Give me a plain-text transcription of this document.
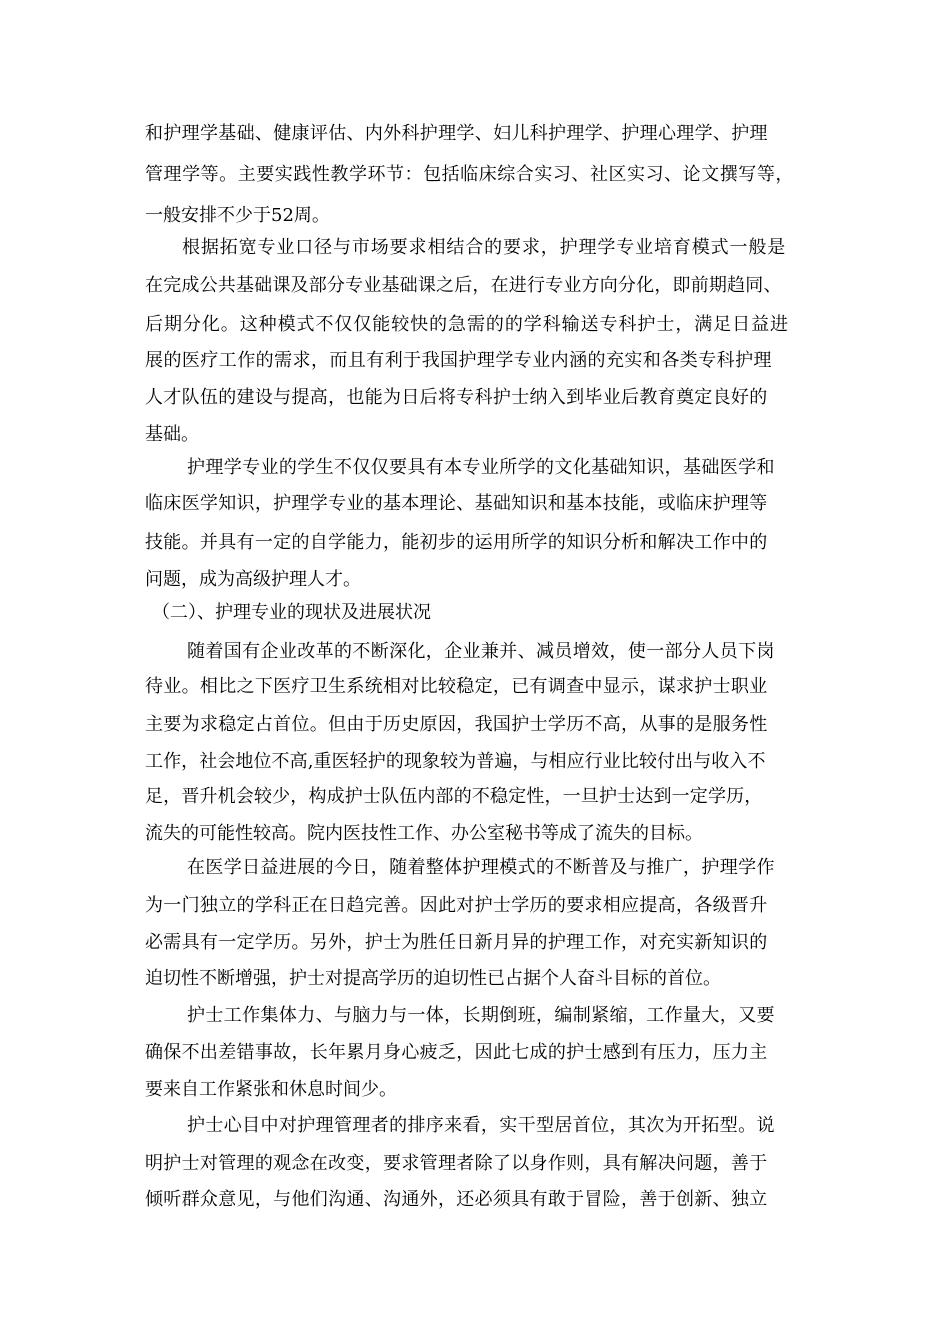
和护理学基础、健康评估、内外科护理学、妇儿科护理学、护理心理学、护理
管理学等。主要实践性教学环节：包括临床综合实习、社区实习、论文撰写等，
一般安排不少于52周。
根据拓宽专业口径与市场要求相结合的要求，护理学专业培育模式一般是
在完成公共基础课及部分专业基础课之后，在进行专业方向分化，即前期趋同、
后期分化。这种模式不仅仅能较快的急需的的学科输送专科护士，满足日益进
展的医疗工作的需求，而且有利于我国护理学专业内涵的充实和各类专科护理
人才队伍的建设与提高，也能为日后将专科护士纳入到毕业后教育奠定良好的
基础。
护理学专业的学生不仅仅要具有本专业所学的文化基础知识，基础医学和
临床医学知识，护理学专业的基本理论、基础知识和基本技能，或临床护理等
技能。并具有一定的自学能力，能初步的运用所学的知识分析和解决工作中的
问题，成为高级护理人才。
（二）、护理专业的现状及进展状况
随着国有企业改革的不断深化，企业兼并、减员增效，使一部分人员下岗
待业。相比之下医疗卫生系统相对比较稳定，已有调查中显示，谋求护士职业
主要为求稳定占首位。但由于历史原因，我国护士学历不高，从事的是服务性
工作，社会地位不高,重医轻护的现象较为普遍，与相应行业比较付出与收入不
足，晋升机会较少，构成护士队伍内部的不稳定性，一旦护士达到一定学历，
流失的可能性较高。院内医技性工作、办公室秘书等成了流失的目标。
在医学日益进展的今日，随着整体护理模式的不断普及与推广，护理学作
为一门独立的学科正在日趋完善。因此对护士学历的要求相应提高，各级晋升
必需具有一定学历。另外，护士为胜任日新月异的护理工作，对充实新知识的
迫切性不断增强，护士对提高学历的迫切性已占据个人奋斗目标的首位。
护士工作集体力、与脑力与一体，长期倒班，编制紧缩，工作量大，又要
确保不出差错事故，长年累月身心疲乏，因此七成的护士感到有压力，压力主
要来自工作紧张和休息时间少。
护士心目中对护理管理者的排序来看，实干型居首位，其次为开拓型。说
明护士对管理的观念在改变，要求管理者除了以身作则，具有解决问题，善于
倾听群众意见，与他们沟通、沟通外，还必须具有敢于冒险，善于创新、独立
